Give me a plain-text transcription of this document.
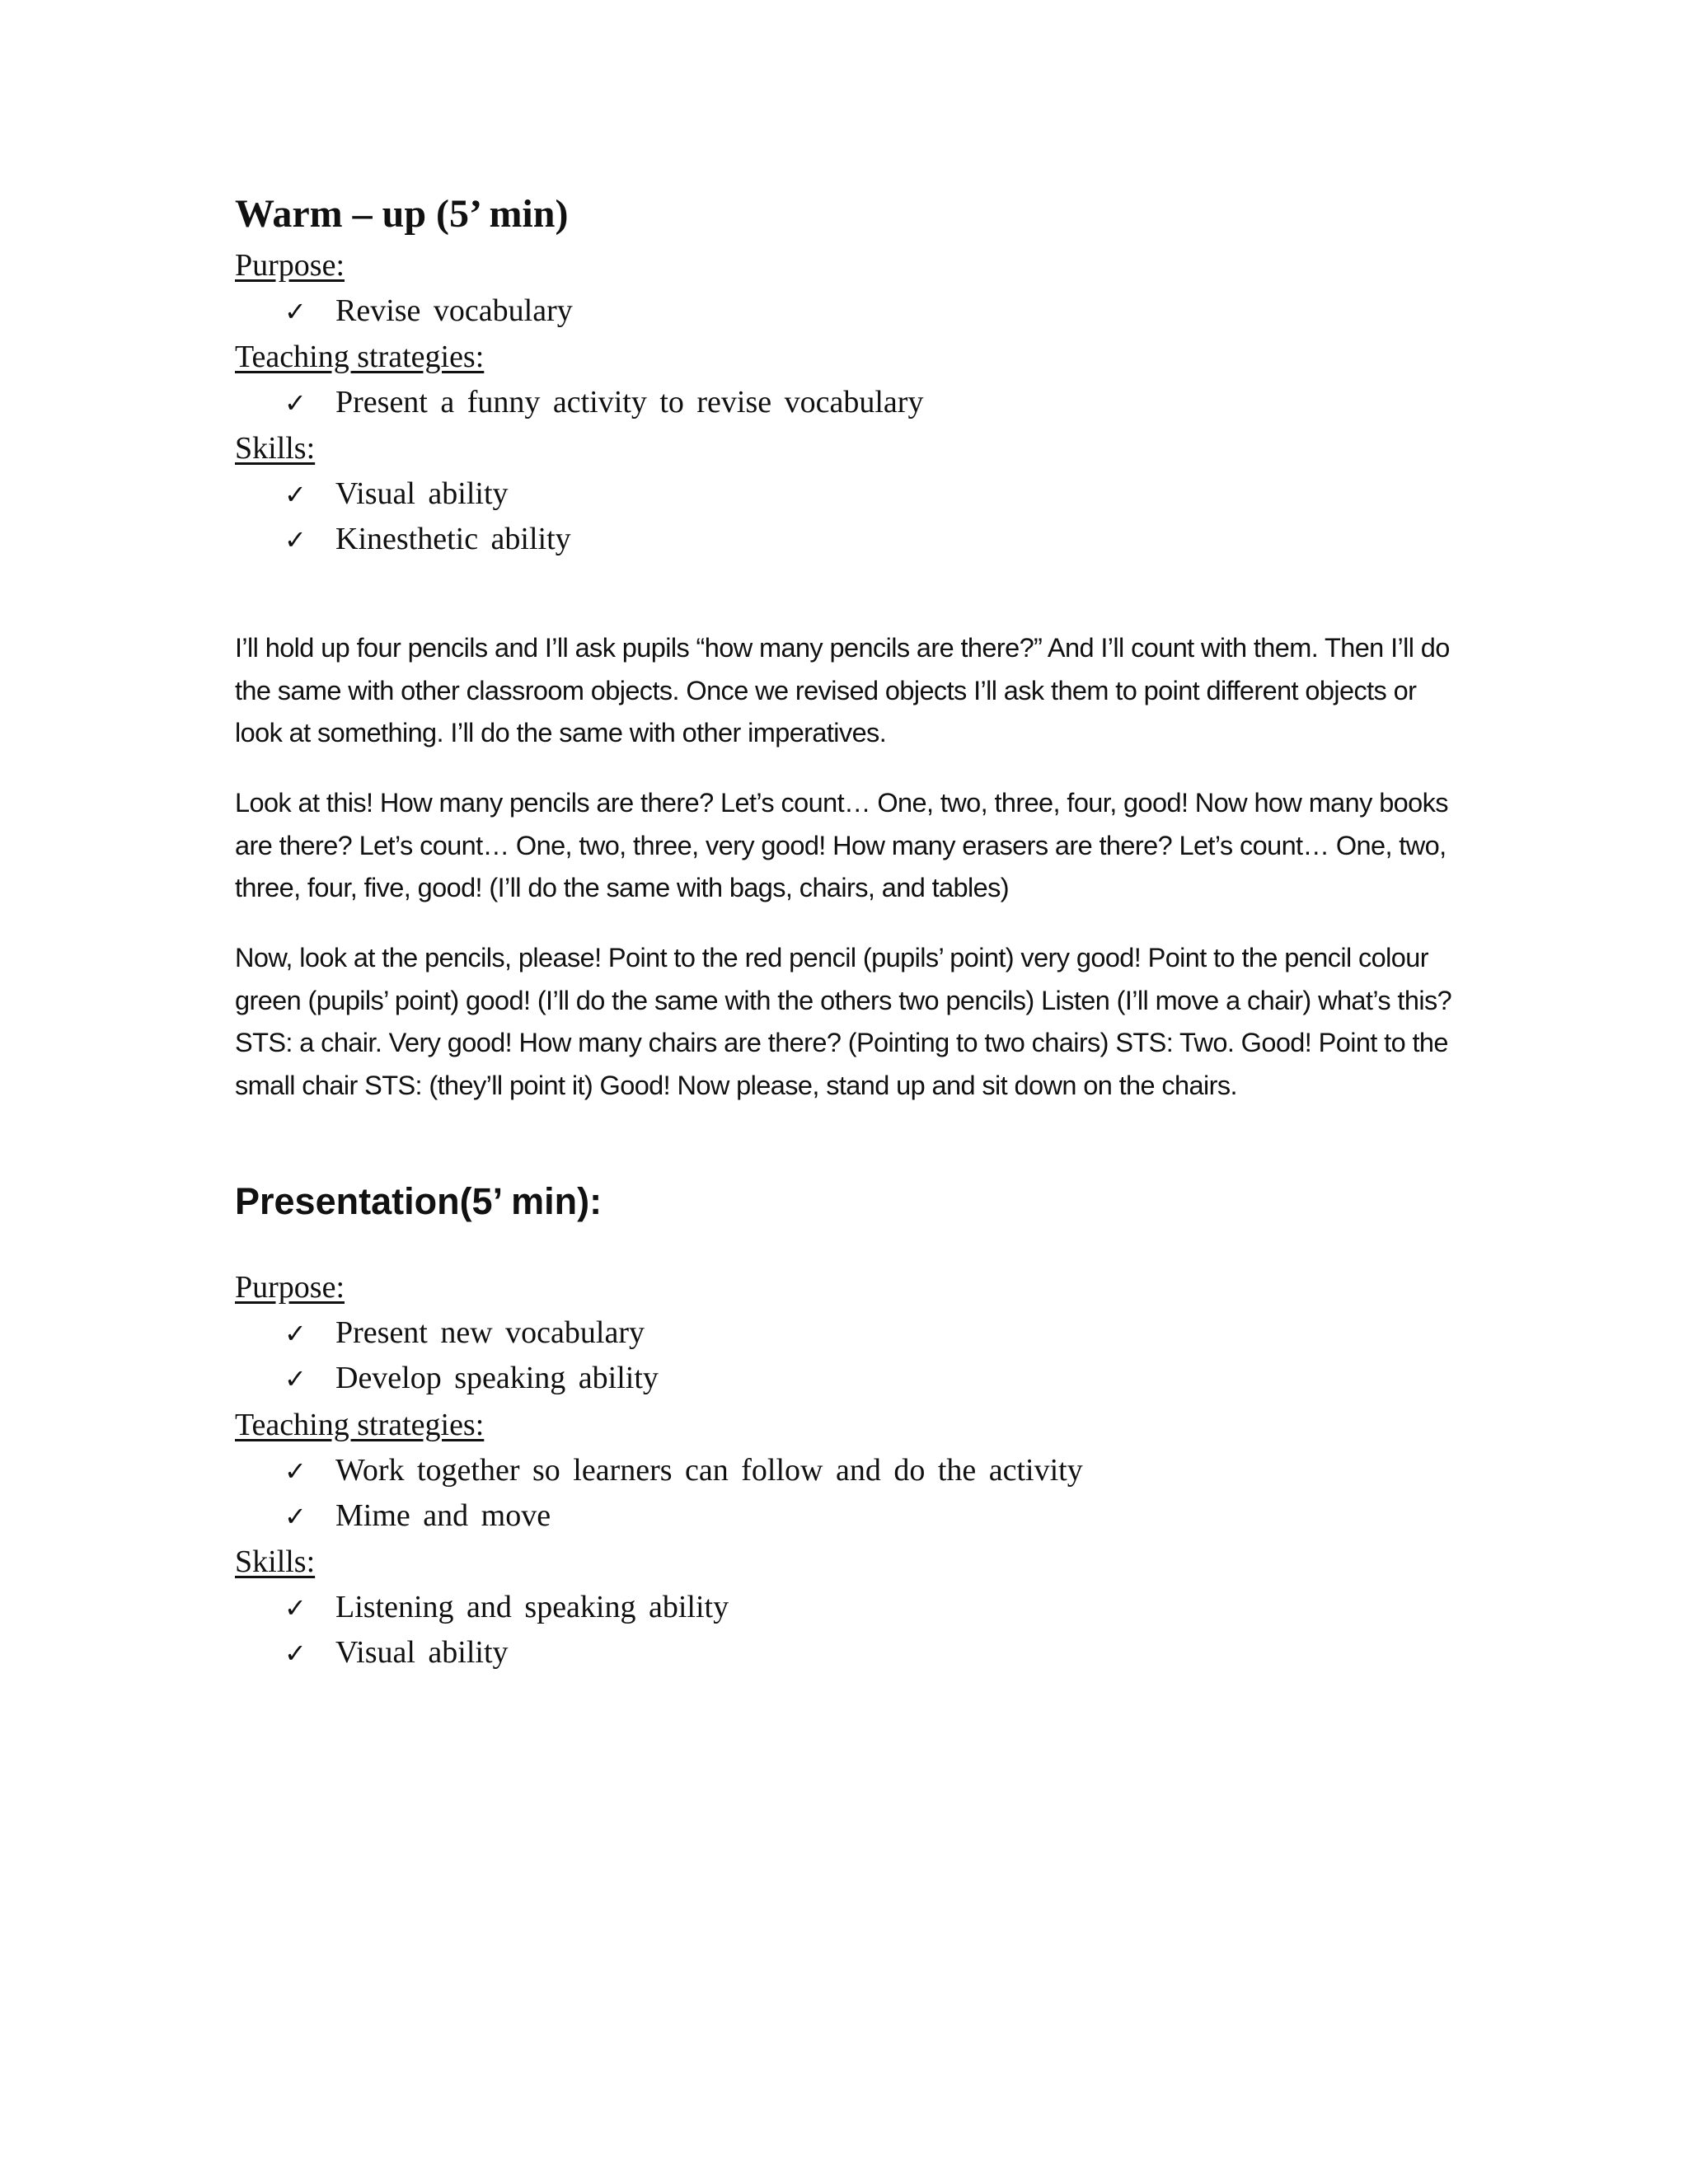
Warm – up (5’ min)
Purpose:
✓ Revise vocabulary
Teaching strategies:
✓ Present a funny activity to revise vocabulary
Skills:
✓ Visual ability
✓ Kinesthetic ability

I’ll hold up four pencils and I’ll ask pupils “how many pencils are there?” And I’ll count with them. Then I’ll do the same with other classroom objects. Once we revised objects I’ll ask them to point different objects or look at something. I’ll do the same with other imperatives.

Look at this! How many pencils are there? Let’s count… One, two, three, four, good! Now how many books are there? Let’s count… One, two, three, very good! How many erasers are there? Let’s count… One, two, three, four, five, good! (I’ll do the same with bags, chairs, and tables)

Now, look at the pencils, please! Point to the red pencil (pupils’ point) very good! Point to the pencil colour green (pupils’ point) good! (I’ll do the same with the others two pencils) Listen (I’ll move a chair) what’s this? STS: a chair. Very good! How many chairs are there? (Pointing to two chairs) STS: Two. Good! Point to the small chair STS: (they’ll point it) Good! Now please, stand up and sit down on the chairs.

Presentation(5’ min):
Purpose:
✓ Present new vocabulary
✓ Develop speaking ability
Teaching strategies:
✓ Work together so learners can follow and do the activity
✓ Mime and move
Skills:
✓ Listening and speaking ability
✓ Visual ability
